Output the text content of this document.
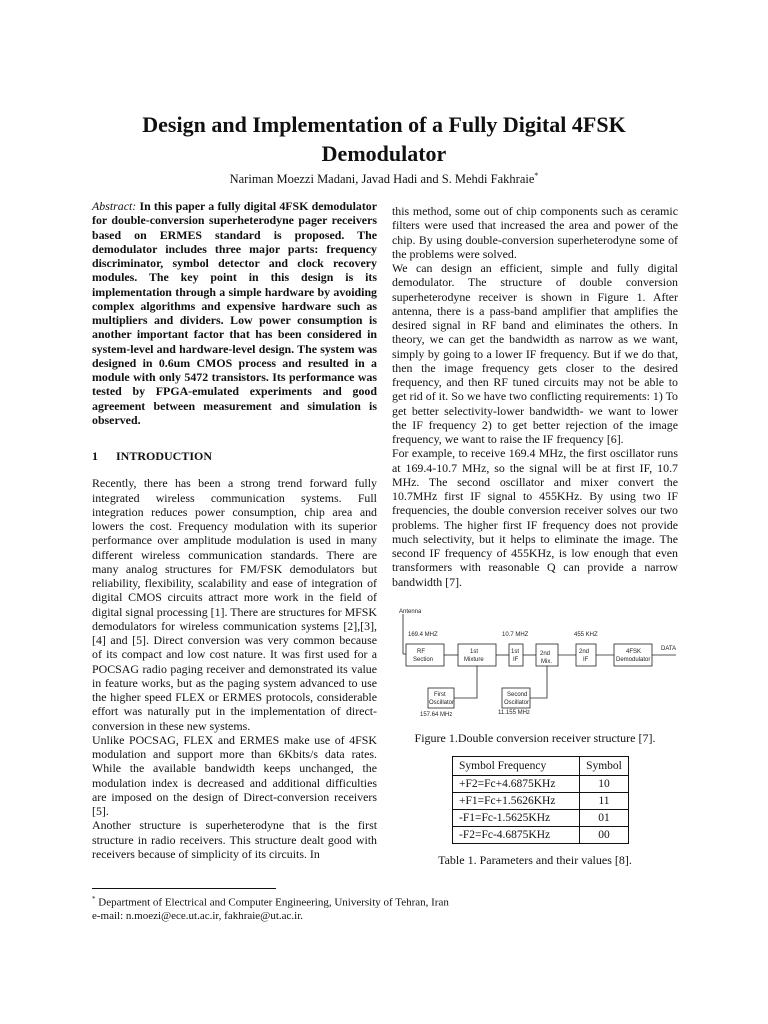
Design and Implementation of a Fully Digital 4FSK
Demodulator
Nariman Moezzi Madani, Javad Hadi and S. Mehdi Fakhraie*

Abstract: In this paper a fully digital 4FSK demodulator for double-conversion superheterodyne pager receivers based on ERMES standard is proposed. The demodulator includes three major parts: frequency discriminator, symbol detector and clock recovery modules. The key point in this design is its implementation through a simple hardware by avoiding complex algorithms and expensive hardware such as multipliers and dividers. Low power consumption is another important factor that has been considered in system-level and hardware-level design. The system was designed in 0.6um CMOS process and resulted in a module with only 5472 transistors. Its performance was tested by FPGA-emulated experiments and good agreement between measurement and simulation is observed.

1 INTRODUCTION

Recently, there has been a strong trend forward fully integrated wireless communication systems. Full integration reduces power consumption, chip area and lowers the cost. Frequency modulation with its superior performance over amplitude modulation is used in many different wireless communication standards. There are many analog structures for FM/FSK demodulators but reliability, flexibility, scalability and ease of integration of digital CMOS circuits attract more work in the field of digital signal processing [1]. There are structures for MFSK demodulators for wireless communication systems [2],[3],[4] and [5]. Direct conversion was very common because of its compact and low cost nature. It was first used for a POCSAG radio paging receiver and demonstrated its value in feature works, but as the paging system advanced to use the higher speed FLEX or ERMES protocols, considerable effort was naturally put in the implementation of direct-conversion in these new systems.

Unlike POCSAG, FLEX and ERMES make use of 4FSK modulation and support more than 6Kbits/s data rates. While the available bandwidth keeps unchanged, the modulation index is decreased and additional difficulties are imposed on the design of Direct-conversion receivers [5].

Another structure is superheterodyne that is the first structure in radio receivers. This structure dealt good with receivers because of simplicity of its circuits. In

this method, some out of chip components such as ceramic filters were used that increased the area and power of the chip. By using double-conversion superheterodyne some of the problems were solved.

We can design an efficient, simple and fully digital demodulator. The structure of double conversion superheterodyne receiver is shown in Figure 1. After antenna, there is a pass-band amplifier that amplifies the desired signal in RF band and eliminates the others. In theory, we can get the bandwidth as narrow as we want, simply by going to a lower IF frequency. But if we do that, then the image frequency gets closer to the desired frequency, and then RF tuned circuits may not be able to get rid of it. So we have two conflicting requirements: 1) To get better selectivity-lower bandwidth- we want to lower the IF frequency 2) to get better rejection of the image frequency, we want to raise the IF frequency [6].

For example, to receive 169.4 MHz, the first oscillator runs at 169.4-10.7 MHz, so the signal will be at first IF, 10.7 MHz. The second oscillator and mixer convert the 10.7MHz first IF signal to 455KHz. By using two IF frequencies, the double conversion receiver solves our two problems. The higher first IF frequency does not provide much selectivity, but it helps to eliminate the image. The second IF frequency of 455KHz, is low enough that even transformers with reasonable Q can provide a narrow bandwidth [7].

Antenna
169.4 MHZ	10.7 MHZ	455 KHZ
RF
Section
1st
Mixture
1st
IF
2nd
Mix.
2nd
IF
4FSK
Demodulator
DATA
First
Oscillator
157.64 MHz
Second
Oscillator
11.155 MHz
Figure 1.Double conversion receiver structure [7].
Symbol Frequency	Symbol
+F2=Fc+4.6875KHz	10
+F1=Fc+1.5626KHz	11
-F1=Fc-1.5625KHz	01
-F2=Fc-4.6875KHz	00
Table 1. Parameters and their values [8].
* Department of Electrical and Computer Engineering, University of Tehran, Iran
e-mail: n.moezi@ece.ut.ac.ir, fakhraie@ut.ac.ir.
